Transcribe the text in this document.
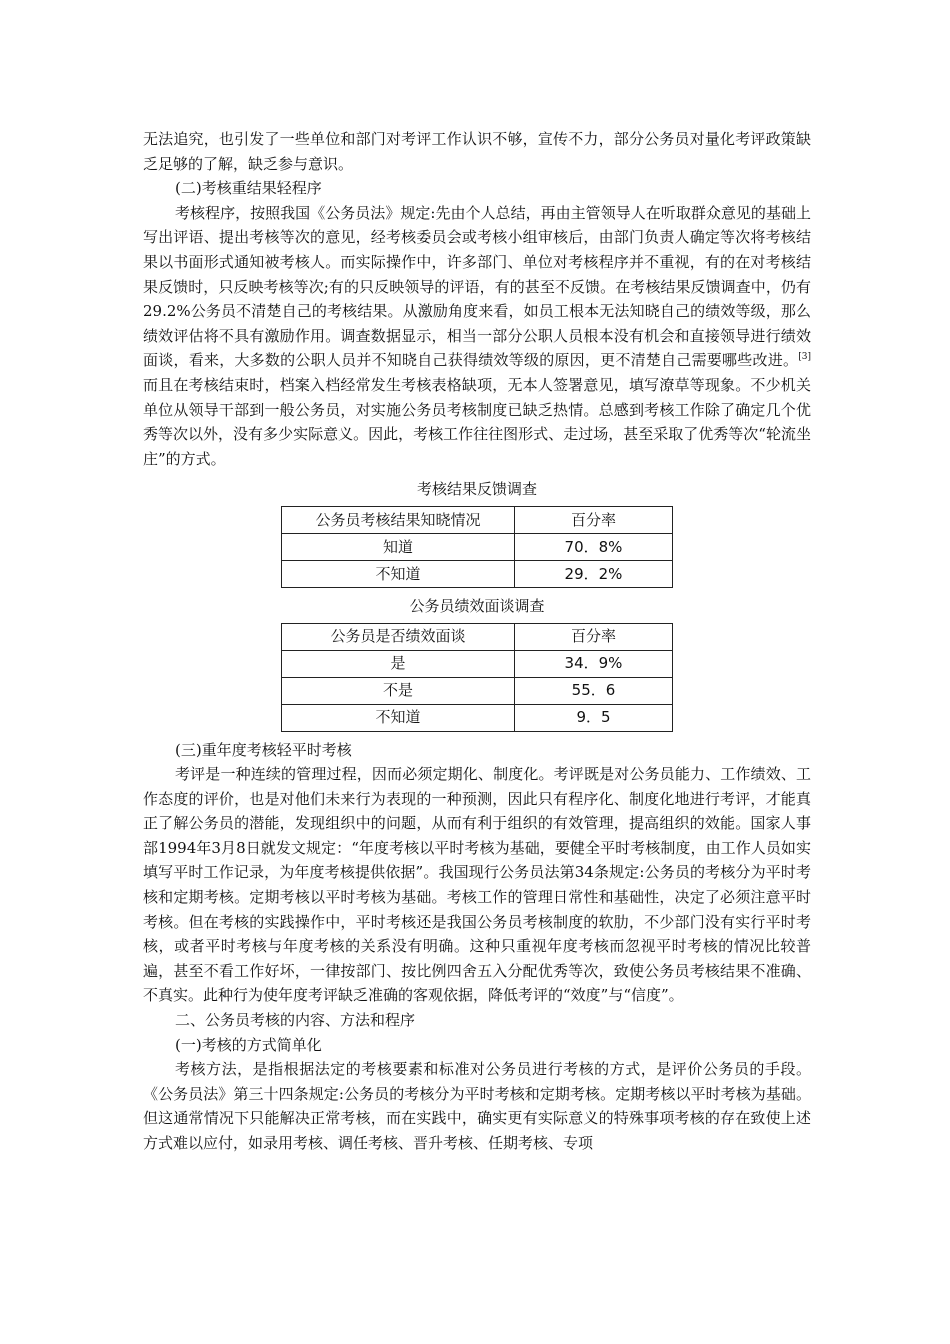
无法追究，也引发了一些单位和部门对考评工作认识不够，宣传不力，部分公务员对量化考评政策缺乏足够的了解，缺乏参与意识。

(二)考核重结果轻程序

考核程序，按照我国《公务员法》规定:先由个人总结，再由主管领导人在听取群众意见的基础上写出评语、提出考核等次的意见，经考核委员会或考核小组审核后，由部门负责人确定等次将考核结果以书面形式通知被考核人。而实际操作中，许多部门、单位对考核程序并不重视，有的在对考核结果反馈时，只反映考核等次;有的只反映领导的评语，有的甚至不反馈。在考核结果反馈调查中，仍有29.2%公务员不清楚自己的考核结果。从激励角度来看，如员工根本无法知晓自己的绩效等级，那么绩效评估将不具有激励作用。调查数据显示，相当一部分公职人员根本没有机会和直接领导进行绩效面谈，看来，大多数的公职人员并不知晓自己获得绩效等级的原因，更不清楚自己需要哪些改进。[3]而且在考核结束时，档案入档经常发生考核表格缺项，无本人签署意见，填写潦草等现象。不少机关单位从领导干部到一般公务员，对实施公务员考核制度已缺乏热情。总感到考核工作除了确定几个优秀等次以外，没有多少实际意义。因此，考核工作往往图形式、走过场，甚至采取了优秀等次“轮流坐庄”的方式。

考核结果反馈调查
公务员考核结果知晓情况	百分率
知道	70．8%
不知道	29．2%
公务员绩效面谈调查
公务员是否绩效面谈	百分率
是	34．9%
不是	55．6
不知道	9．5

(三)重年度考核轻平时考核

考评是一种连续的管理过程，因而必须定期化、制度化。考评既是对公务员能力、工作绩效、工作态度的评价，也是对他们未来行为表现的一种预测，因此只有程序化、制度化地进行考评，才能真正了解公务员的潜能，发现组织中的问题，从而有利于组织的有效管理，提高组织的效能。国家人事部1994年3月8日就发文规定：“年度考核以平时考核为基础，要健全平时考核制度，由工作人员如实填写平时工作记录，为年度考核提供依据”。我国现行公务员法第34条规定:公务员的考核分为平时考核和定期考核。定期考核以平时考核为基础。考核工作的管理日常性和基础性，决定了必须注意平时考核。但在考核的实践操作中，平时考核还是我国公务员考核制度的软肋，不少部门没有实行平时考核，或者平时考核与年度考核的关系没有明确。这种只重视年度考核而忽视平时考核的情况比较普遍，甚至不看工作好坏，一律按部门、按比例四舍五入分配优秀等次，致使公务员考核结果不准确、不真实。此种行为使年度考评缺乏准确的客观依据，降低考评的“效度”与“信度”。

二、公务员考核的内容、方法和程序

(一)考核的方式简单化

考核方法，是指根据法定的考核要素和标准对公务员进行考核的方式，是评价公务员的手段。《公务员法》第三十四条规定:公务员的考核分为平时考核和定期考核。定期考核以平时考核为基础。但这通常情况下只能解决正常考核，而在实践中，确实更有实际意义的特殊事项考核的存在致使上述方式难以应付，如录用考核、调任考核、晋升考核、任期考核、专项
